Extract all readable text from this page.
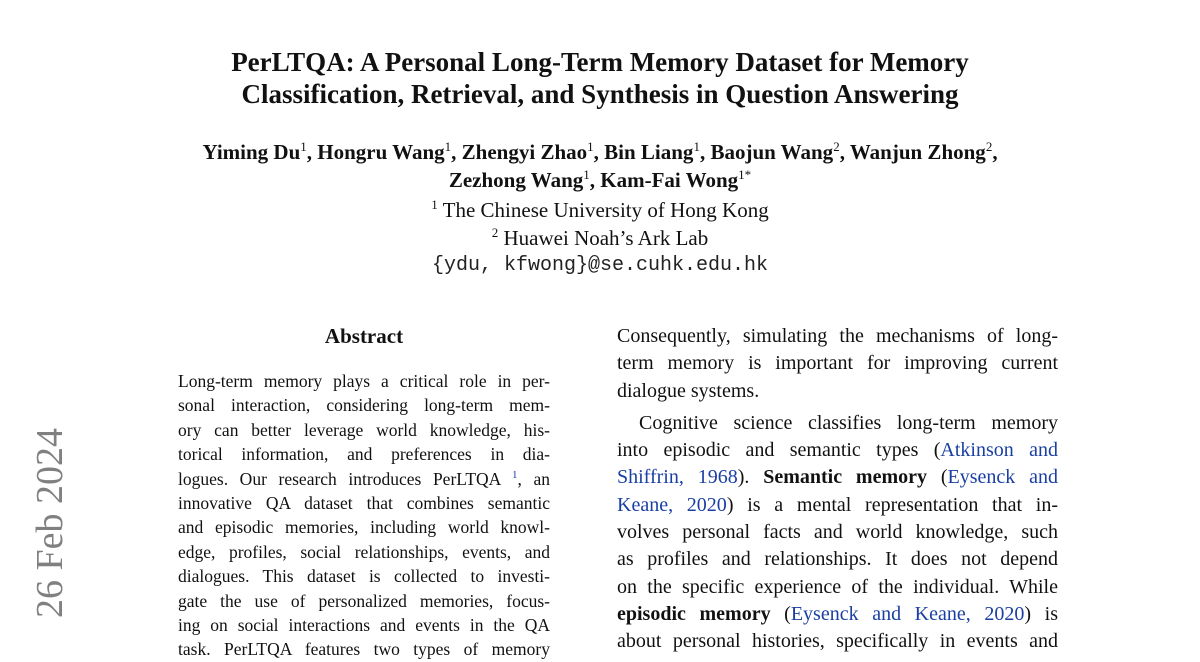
26 Feb 2024
PerLTQA: A Personal Long-Term Memory Dataset for Memory
Classification, Retrieval, and Synthesis in Question Answering
Yiming Du$^1$, Hongru Wang$^1$, Zhengyi Zhao$^1$, Bin Liang$^1$, Baojun Wang$^2$, Wanjun Zhong$^2$,
Zezhong Wang$^1$, Kam-Fai Wong$^{1*}$
$^1$ The Chinese University of Hong Kong
$^2$ Huawei Noah’s Ark Lab
{ydu, kfwong}@se.cuhk.edu.hk
Abstract
Long-term memory plays a critical role in per-
sonal interaction, considering long-term mem-
ory can better leverage world knowledge, his-
torical information, and preferences in dia-
logues. Our research introduces PerLTQA $^1$, an
innovative QA dataset that combines semantic
and episodic memories, including world knowl-
edge, profiles, social relationships, events, and
dialogues. This dataset is collected to investi-
gate the use of personalized memories, focus-
ing on social interactions and events in the QA
task. PerLTQA features two types of memory
Consequently, simulating the mechanisms of long-
term memory is important for improving current
dialogue systems.
Cognitive science classifies long-term memory
into episodic and semantic types (Atkinson and
Shiffrin, 1968). Semantic memory (Eysenck and
Keane, 2020) is a mental representation that in-
volves personal facts and world knowledge, such
as profiles and relationships. It does not depend
on the specific experience of the individual. While
episodic memory (Eysenck and Keane, 2020) is
about personal histories, specifically in events and
